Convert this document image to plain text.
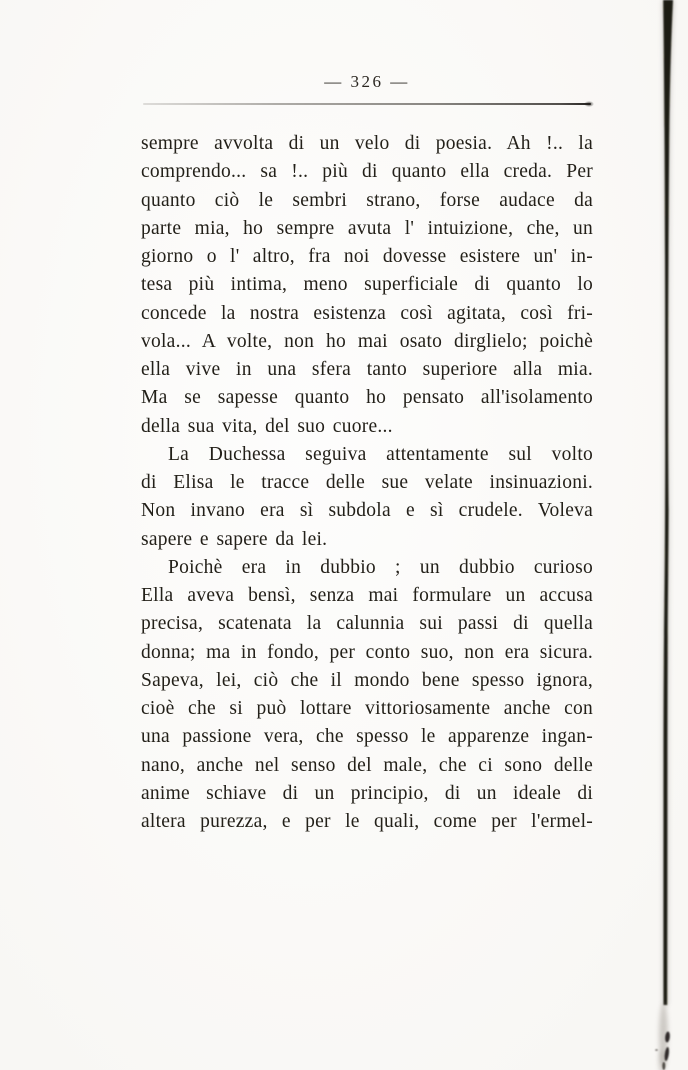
— 326 —
sempre avvolta di un velo di poesia. Ah !.. la
comprendo... sa !.. più di quanto ella creda. Per
quanto ciò le sembri strano, forse audace da
parte mia, ho sempre avuta l' intuizione, che, un
giorno o l' altro, fra noi dovesse esistere un' in-
tesa più intima, meno superficiale di quanto lo
concede la nostra esistenza così agitata, così fri-
vola... A volte, non ho mai osato dirglielo; poichè
ella vive in una sfera tanto superiore alla mia.
Ma se sapesse quanto ho pensato all'isolamento
della sua vita, del suo cuore...
La Duchessa seguiva attentamente sul volto
di Elisa le tracce delle sue velate insinuazioni.
Non invano era sì subdola e sì crudele. Voleva
sapere e sapere da lei.
Poichè era in dubbio ; un dubbio curioso
Ella aveva bensì, senza mai formulare un accusa
precisa, scatenata la calunnia sui passi di quella
donna; ma in fondo, per conto suo, non era sicura.
Sapeva, lei, ciò che il mondo bene spesso ignora,
cioè che si può lottare vittoriosamente anche con
una passione vera, che spesso le apparenze ingan-
nano, anche nel senso del male, che ci sono delle
anime schiave di un principio, di un ideale di
altera purezza, e per le quali, come per l'ermel-
